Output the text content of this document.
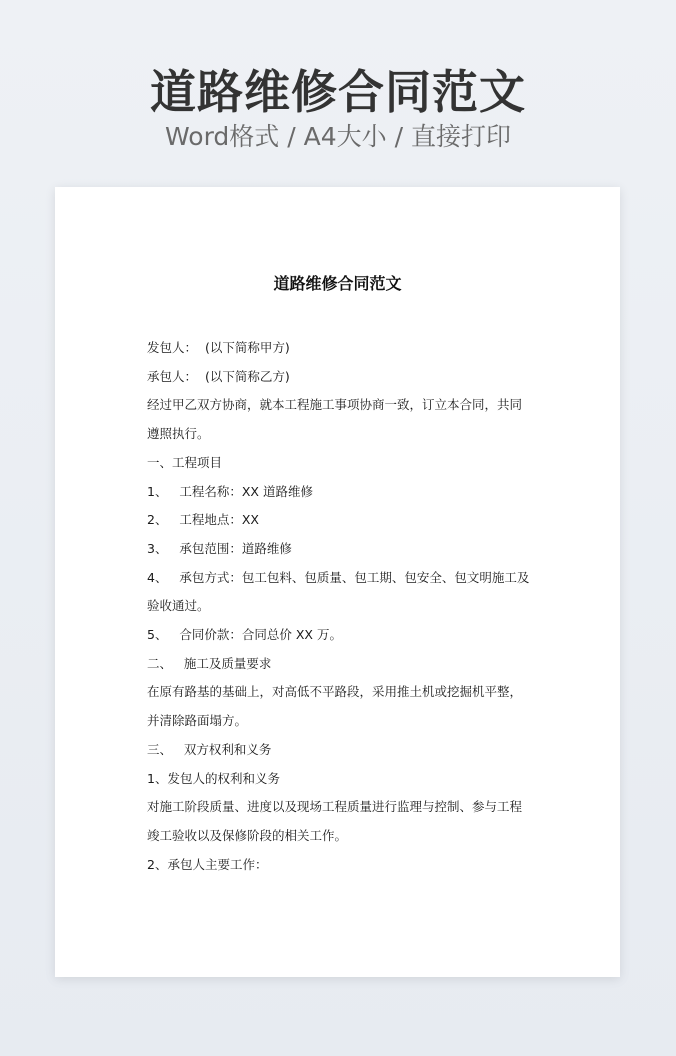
道路维修合同范文
Word格式 / A4大小 / 直接打印
道路维修合同范文

发包人：  (以下简称甲方)

承包人：  (以下简称乙方)

经过甲乙双方协商，就本工程施工事项协商一致，订立本合同，共同

遵照执行。

一、工程项目

1、   工程名称：XX 道路维修

2、   工程地点：XX

3、   承包范围：道路维修

4、   承包方式：包工包料、包质量、包工期、包安全、包文明施工及

验收通过。

5、   合同价款：合同总价 XX 万。

二、   施工及质量要求

在原有路基的基础上，对高低不平路段，采用推土机或挖掘机平整，

并清除路面塌方。

三、   双方权利和义务

1、发包人的权利和义务

对施工阶段质量、进度以及现场工程质量进行监理与控制、参与工程

竣工验收以及保修阶段的相关工作。

2、承包人主要工作：
